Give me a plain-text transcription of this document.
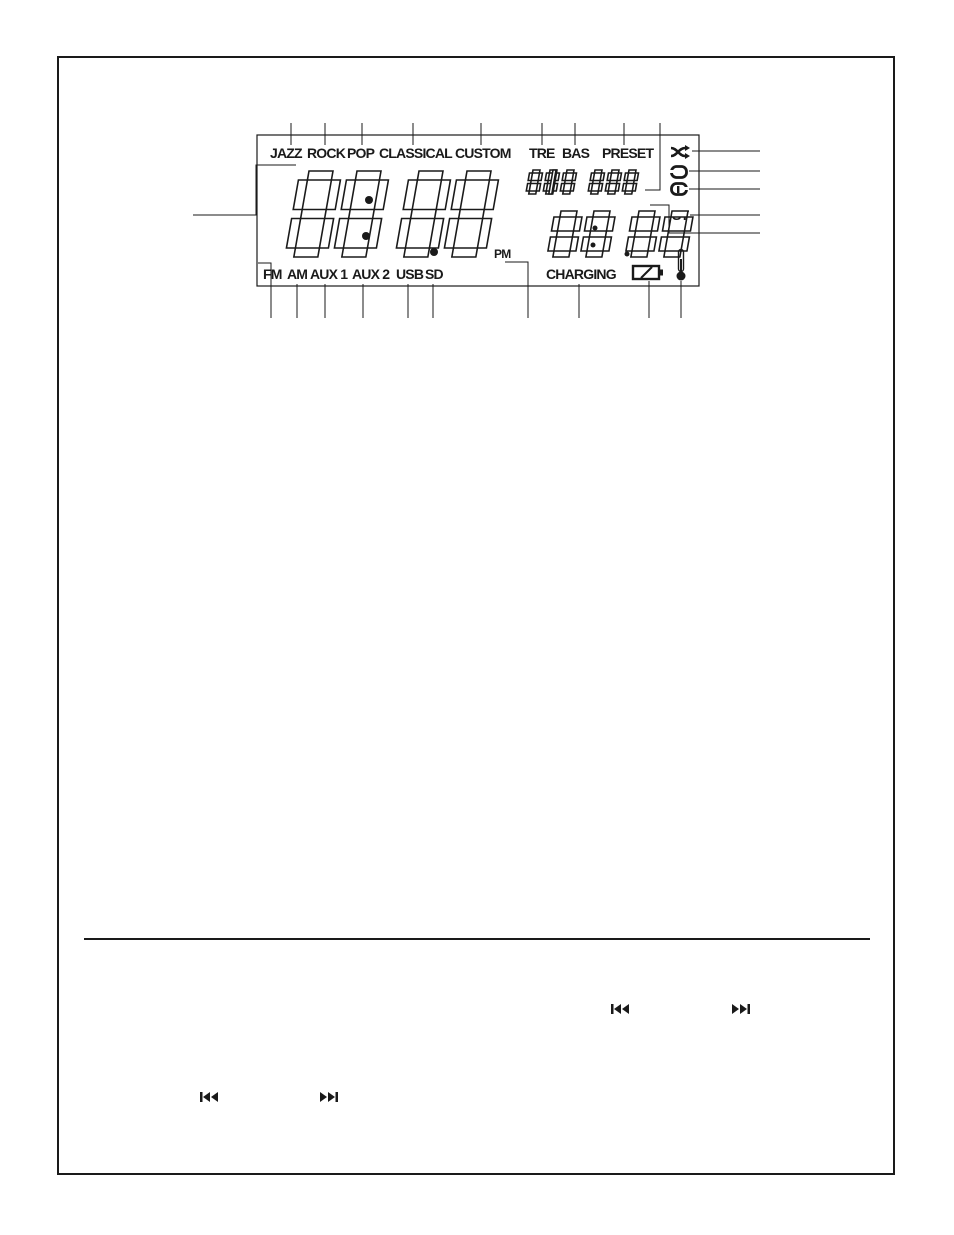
JAZZ ROCK POP CLASSICAL CUSTOM TRE BAS PRESET
FM AM AUX 1 AUX 2 USB SD
PM
CHARGING
